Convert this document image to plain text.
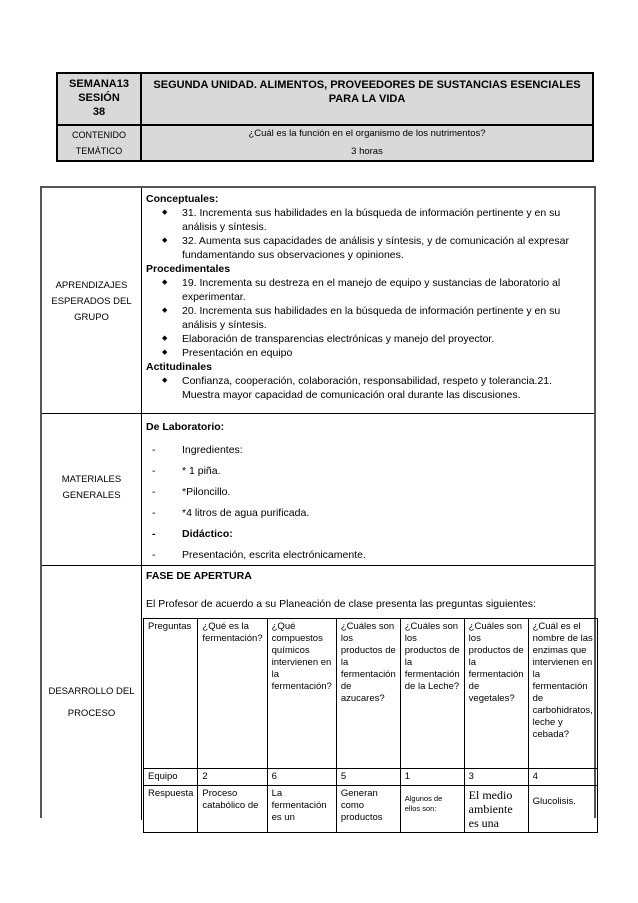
SEMANA13
SESIÓN
38
SEGUNDA UNIDAD. ALIMENTOS, PROVEEDORES DE SUSTANCIAS ESENCIALES PARA LA VIDA
CONTENIDO
TEMÁTICO
¿Cuál es la función en el organismo de los nutrimentos?
3 horas
APRENDIZAJES
ESPERADOS DEL
GRUPO
Conceptuales:
◆ 31. Incrementa sus habilidades en la búsqueda de información pertinente y en su análisis y síntesis.
◆ 32. Aumenta sus capacidades de análisis y síntesis, y de comunicación al expresar fundamentando sus observaciones y opiniones.
Procedimentales
◆ 19. Incrementa su destreza en el manejo de equipo y sustancias de laboratorio al experimentar.
◆ 20. Incrementa sus habilidades en la búsqueda de información pertinente y en su análisis y síntesis.
◆ Elaboración de transparencias electrónicas y manejo del proyector.
◆ Presentación en equipo
Actitudinales
◆ Confianza, cooperación, colaboración, responsabilidad, respeto y tolerancia.21. Muestra mayor capacidad de comunicación oral durante las discusiones.
MATERIALES
GENERALES
De Laboratorio:
- Ingredientes:
- * 1 piña.
- *Piloncillo.
- *4 litros de agua purificada.
- Didáctico:
- Presentación, escrita electrónicamente.
DESARROLLO DEL
PROCESO
FASE DE APERTURA
El Profesor de acuerdo a su Planeación de clase presenta las preguntas siguientes:
Preguntas	¿Qué es la fermentación?	¿Qué compuestos químicos intervienen en la fermentación?	¿Cuáles son los productos de la fermentación de azucares?	¿Cuáles son los productos de la fermentación de la Leche?	¿Cuáles son los productos de la fermentación de vegetales?	¿Cuál es el nombre de las enzimas que intervienen en la fermentación de carbohidratos, leche y cebada?
Equipo	2	6	5	1	3	4
Respuesta	Proceso catabólico de	La fermentación es un	Generan como productos	Algunos de ellos son:	El medio ambiente es una	Glucolisis.
